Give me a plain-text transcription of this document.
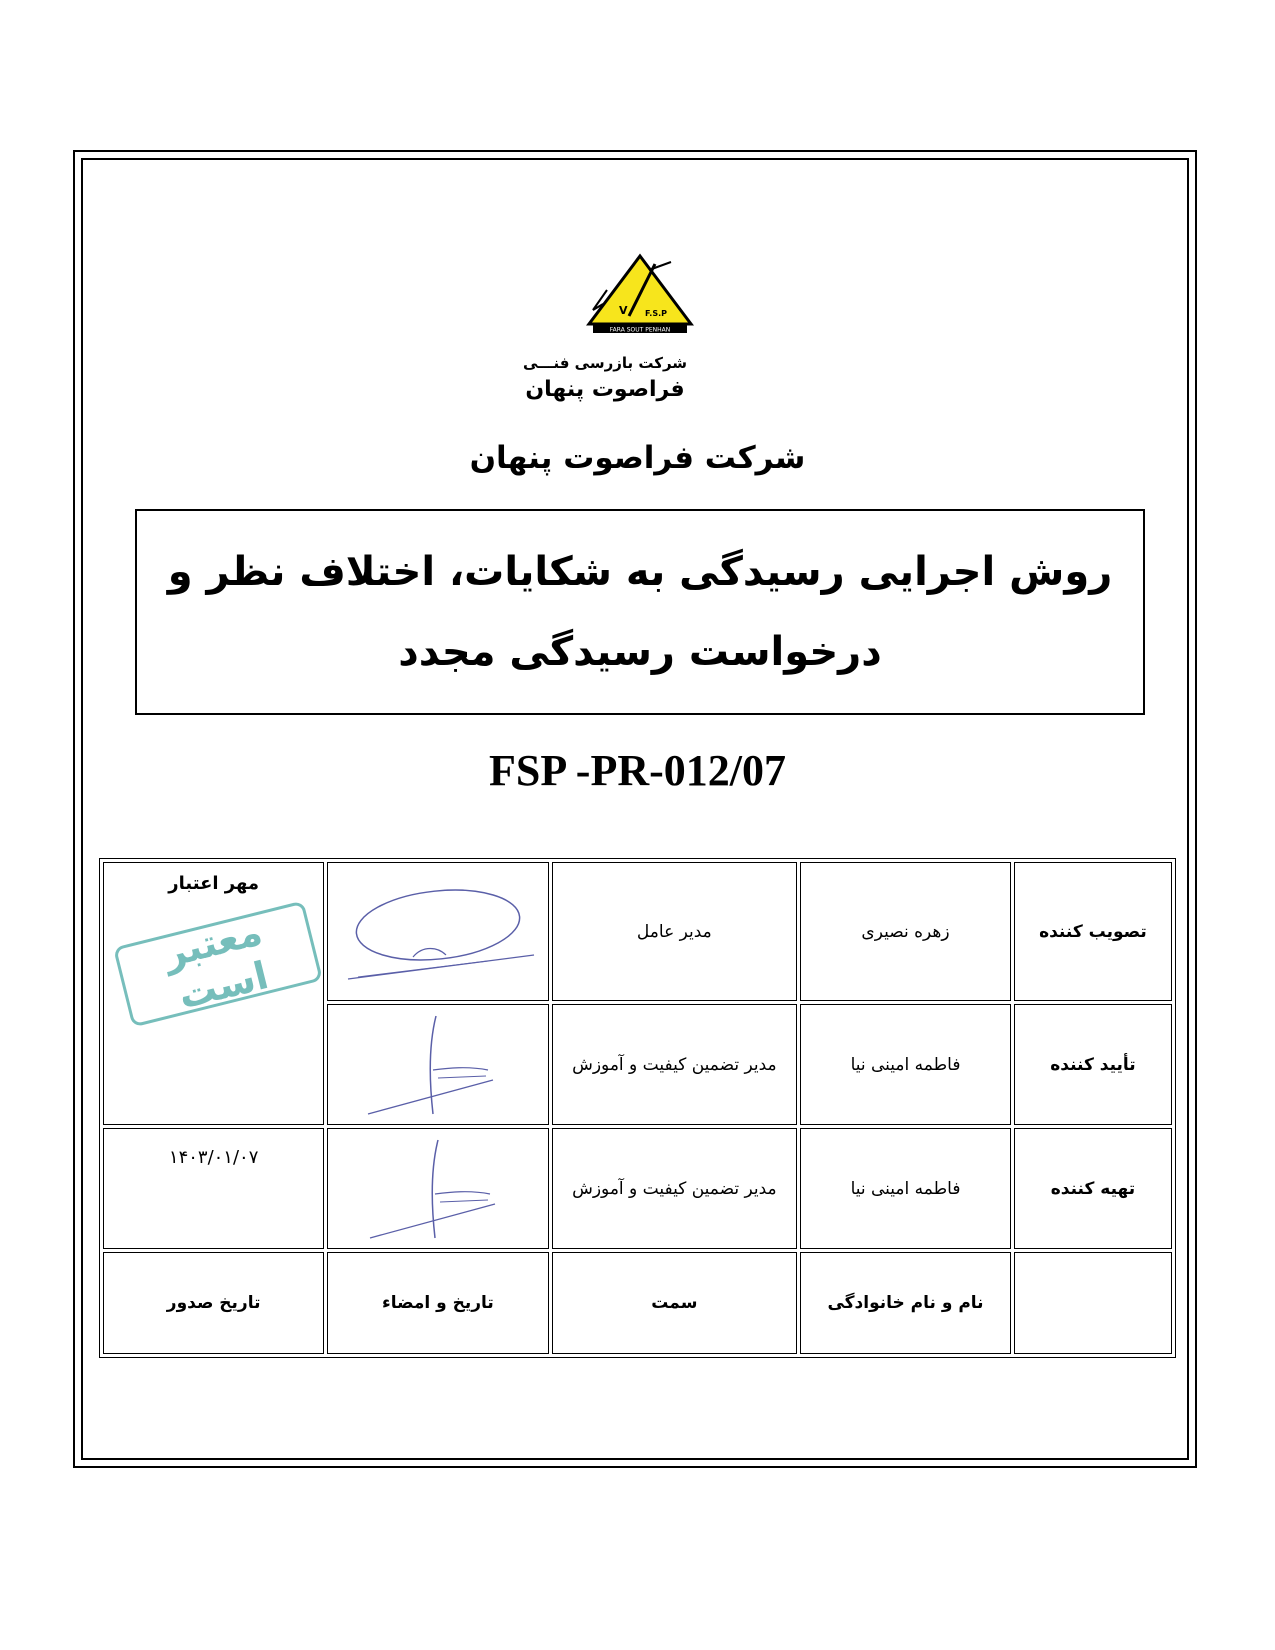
V F.S.P
FARA SOUT PENHAN
شرکت بازرسی فنـــی
فراصوت پنهان
شرکت فراصوت پنهان
روش اجرایی رسیدگی به شکایات، اختلاف نظر و درخواست رسیدگی مجدد
FSP -PR-012/07
مهر اعتبار
معتبر است		مدیر عامل	زهره نصیری	تصویب کننده

	مدیر تضمین کیفیت و آموزش	فاطمه امینی نیا	تأیید کننده

۱۴۰۳/۰۱/۰۷		مدیر تضمین کیفیت و آموزش	فاطمه امینی نیا	تهیه کننده
تاریخ صدور	تاریخ و امضاء	سمت	نام و نام خانوادگی	
